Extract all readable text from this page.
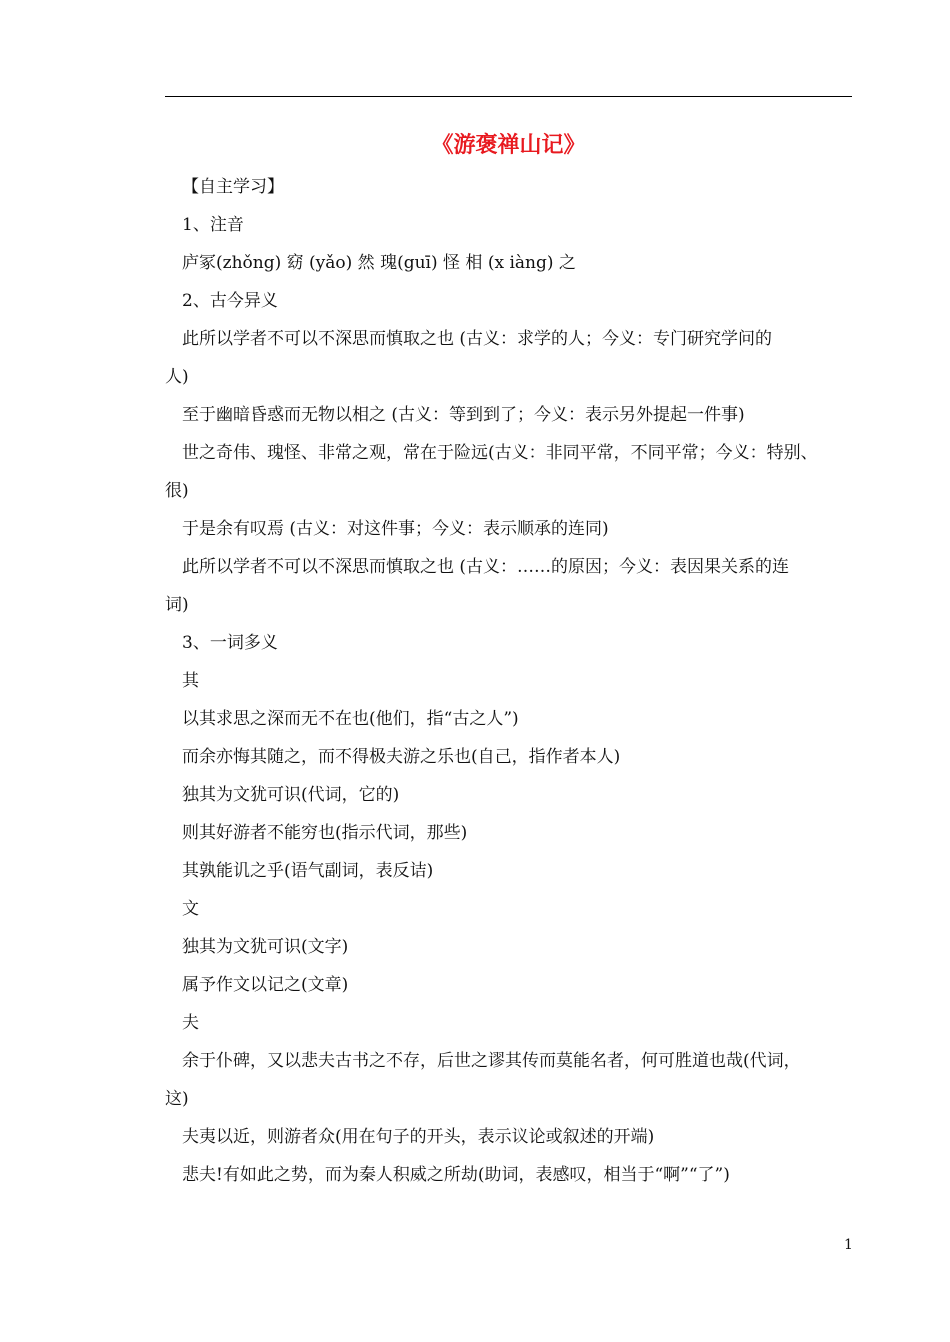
《游褒禅山记》
【自主学习】
1、注音
庐冢(zhǒng) 窈 (yǎo) 然 瑰(guī) 怪 相 (x iàng) 之
2、古今异义
此所以学者不可以不深思而慎取之也 (古义：求学的人；今义：专门研究学问的
人)
至于幽暗昏惑而无物以相之 (古义：等到到了；今义：表示另外提起一件事)
世之奇伟、瑰怪、非常之观，常在于险远(古义：非同平常，不同平常；今义：特别、
很)
于是余有叹焉 (古义：对这件事；今义：表示顺承的连同)
此所以学者不可以不深思而慎取之也 (古义：……的原因；今义：表因果关系的连
词)
3、一词多义
其
以其求思之深而无不在也(他们，指“古之人”)
而余亦悔其随之，而不得极夫游之乐也(自己，指作者本人)
独其为文犹可识(代词，它的)
则其好游者不能穷也(指示代词，那些)
其孰能讥之乎(语气副词，表反诘)
文
独其为文犹可识(文字)
属予作文以记之(文章)
夫
余于仆碑，又以悲夫古书之不存，后世之谬其传而莫能名者，何可胜道也哉(代词，
这)
夫夷以近，则游者众(用在句子的开头，表示议论或叙述的开端)
悲夫!有如此之势，而为秦人积威之所劫(助词，表感叹，相当于“啊”“了”)
1
